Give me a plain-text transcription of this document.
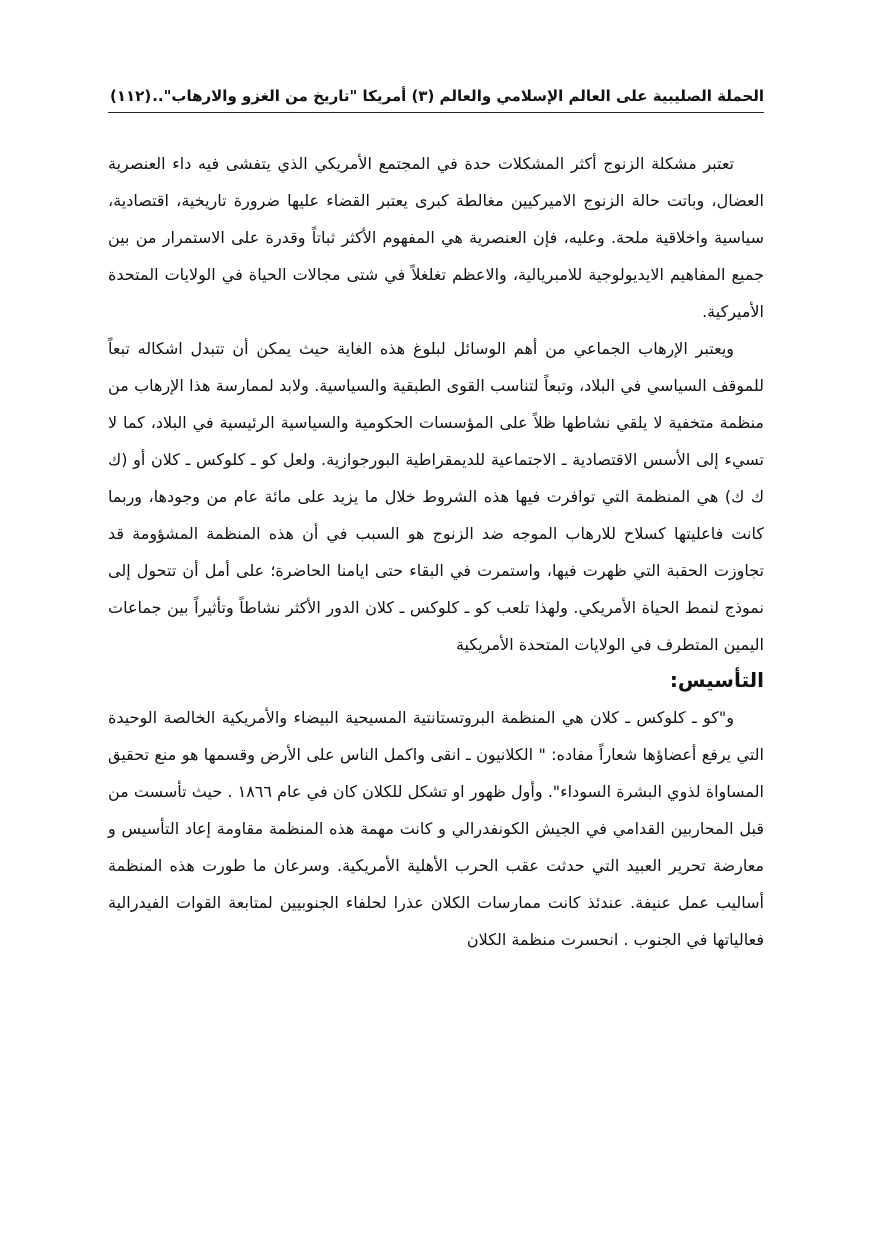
الحملة الصليبية على العالم الإسلامي والعالم (٣) أمريكا "تاريخ من الغزو والارهاب"..
(١١٢)

تعتبر مشكلة الزنوج أكثر المشكلات حدة في المجتمع الأمريكي الذي يتفشى فيه داء العنصرية العضال، وباتت حالة الزنوج الاميركيين مغالطة كبرى يعتبر القضاء عليها ضرورة تاريخية، اقتصادية، سياسية واخلاقية ملحة. وعليه، فإن العنصرية هي المفهوم الأكثر ثباتاً وقدرة على الاستمرار من بين جميع المفاهيم الايديولوجية للامبريالية، والاعظم تغلغلاً في شتى مجالات الحياة في الولايات المتحدة الأميركية.

ويعتبر الإرهاب الجماعي من أهم الوسائل لبلوغ هذه الغاية حيث يمكن أن تتبدل اشكاله تبعاً للموقف السياسي في البلاد، وتبعاً لتناسب القوى الطبقية والسياسية. ولابد لممارسة هذا الإرهاب من منظمة متخفية لا يلقي نشاطها ظلاً على المؤسسات الحكومية والسياسية الرئيسية في البلاد، كما لا تسيء إلى الأسس الاقتصادية ـ الاجتماعية للديمقراطية البورجوازية. ولعل كو ـ كلوكس ـ كلان أو (ك ك ك) هي المنظمة التي توافرت فيها هذه الشروط خلال ما يزيد على مائة عام من وجودها، وربما كانت فاعليتها كسلاح للارهاب الموجه ضد الزنوج هو السبب في أن هذه المنظمة المشؤومة قد تجاوزت الحقبة التي ظهرت فيها، واستمرت في البقاء حتى ايامنا الحاضرة؛ على أمل أن تتحول إلى نموذج لنمط الحياة الأمريكي. ولهذا تلعب كو ـ كلوكس ـ كلان الدور الأكثر نشاطاً وتأثيراً بين جماعات اليمين المتطرف في الولايات المتحدة الأمريكية

التأسيس:

و"كو ـ كلوكس ـ كلان هي المنظمة البروتستانتية المسيحية البيضاء والأمريكية الخالصة الوحيدة التي يرفع أعضاؤها شعاراً مفاده: " الكلانيون ـ انقى واكمل الناس على الأرض وقسمها هو منع تحقيق المساواة لذوي البشرة السوداء". وأول ظهور او تشكل للكلان كان في عام ١٨٦٦ . حيث تأسست من قبل المحاربين القدامي في الجيش الكونفدرالي و كانت مهمة هذه المنظمة مقاومة إعاد التأسيس و معارضة تحرير العبيد التي حدثت عقب الحرب الأهلية الأمريكية. وسرعان ما طورت هذه المنظمة أساليب عمل عنيفة. عندئذ كانت ممارسات الكلان عذرا لحلفاء الجنوبيين لمتابعة القوات الفيدرالية فعالياتها في الجنوب . انحسرت منظمة الكلان
